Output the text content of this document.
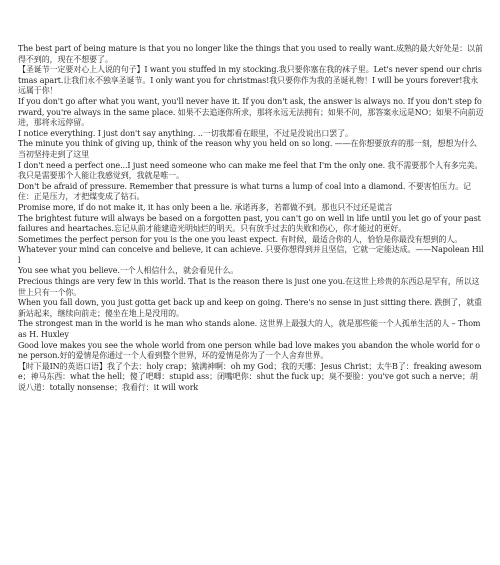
The best part of being mature is that you no longer like the things that you used to really want.成熟的最大好处是：以前得不到的，现在不想要了。

【圣诞节一定要对心上人说的句子】I want you stuffed in my stocking.我只要你塞在我的袜子里。Let's never spend our christmas apart.让我们永不独享圣诞节。I only want you for christmas!我只要你作为我的圣诞礼物！I will be yours forever!我永远属于你！

If you don't go after what you want, you'll never have it. If you don't ask, the answer is always no. If you don't step forward, you're always in the same place. 如果不去追逐你所求，那将永远无法拥有；如果不问，那答案永远是NO；如果不向前迈进，那将永远停留。

I notice everything. I just don't say anything. ..一切我都看在眼里，不过是没说出口罢了。

The minute you think of giving up, think of the reason why you held on so long. ——在你想要放弃的那一刻，想想为什么当初坚持走到了这里

I don't need a perfect one...I just need someone who can make me feel that I'm the only one. 我不需要那个人有多完美。我只是需要那个人能让我感觉到，我就是唯一。

Don't be afraid of pressure. Remember that pressure is what turns a lump of coal into a diamond. 不要害怕压力。记住：正是压力，才把煤变成了钻石。

Promise more, if do not make it, it has only been a lie. 承诺再多，若都做不到。那也只不过还是谎言

The brightest future will always be based on a forgotten past, you can't go on well in life until you let go of your past failures and heartaches.忘记从前才能建造光明灿烂的明天。只有放手过去的失败和伤心，你才能过的更好。

Sometimes the perfect person for you is the one you least expect. 有时候，最适合你的人，恰恰是你最没有想到的人。

Whatever your mind can conceive and believe, it can achieve. 只要你想得到并且坚信，它就一定能达成。——Napolean Hill

You see what you believe.一个人相信什么，就会看见什么。

Precious things are very few in this world. That is the reason there is just one you.在这世上珍贵的东西总是罕有，所以这世上只有一个你。

When you fall down, you just gotta get back up and keep on going. There's no sense in just sitting there. 跌倒了，就重新站起来，继续向前走；傻坐在地上是没用的。

The strongest man in the world is he man who stands alone. 这世界上最强大的人，就是那些能一个人孤单生活的人 – Thomas H. Huxley

Good love makes you see the whole world from one person while bad love makes you abandon the whole world for one person.好的爱情是你通过一个人看到整个世界，坏的爱情是你为了一个人舍弃世界。

【时下最IN的英语口语】我了个去：holy crap；猿满神啊：oh my God；我的天哪：Jesus Christ；太牛B了：freaking awesome；神马东西：what the hell；傻了吧唧：stupid ass；闭嘴吧你：shut the fuck up；臭不要脸：you've got such a nerve；胡说八道：totally nonsense；我看行：it will work
